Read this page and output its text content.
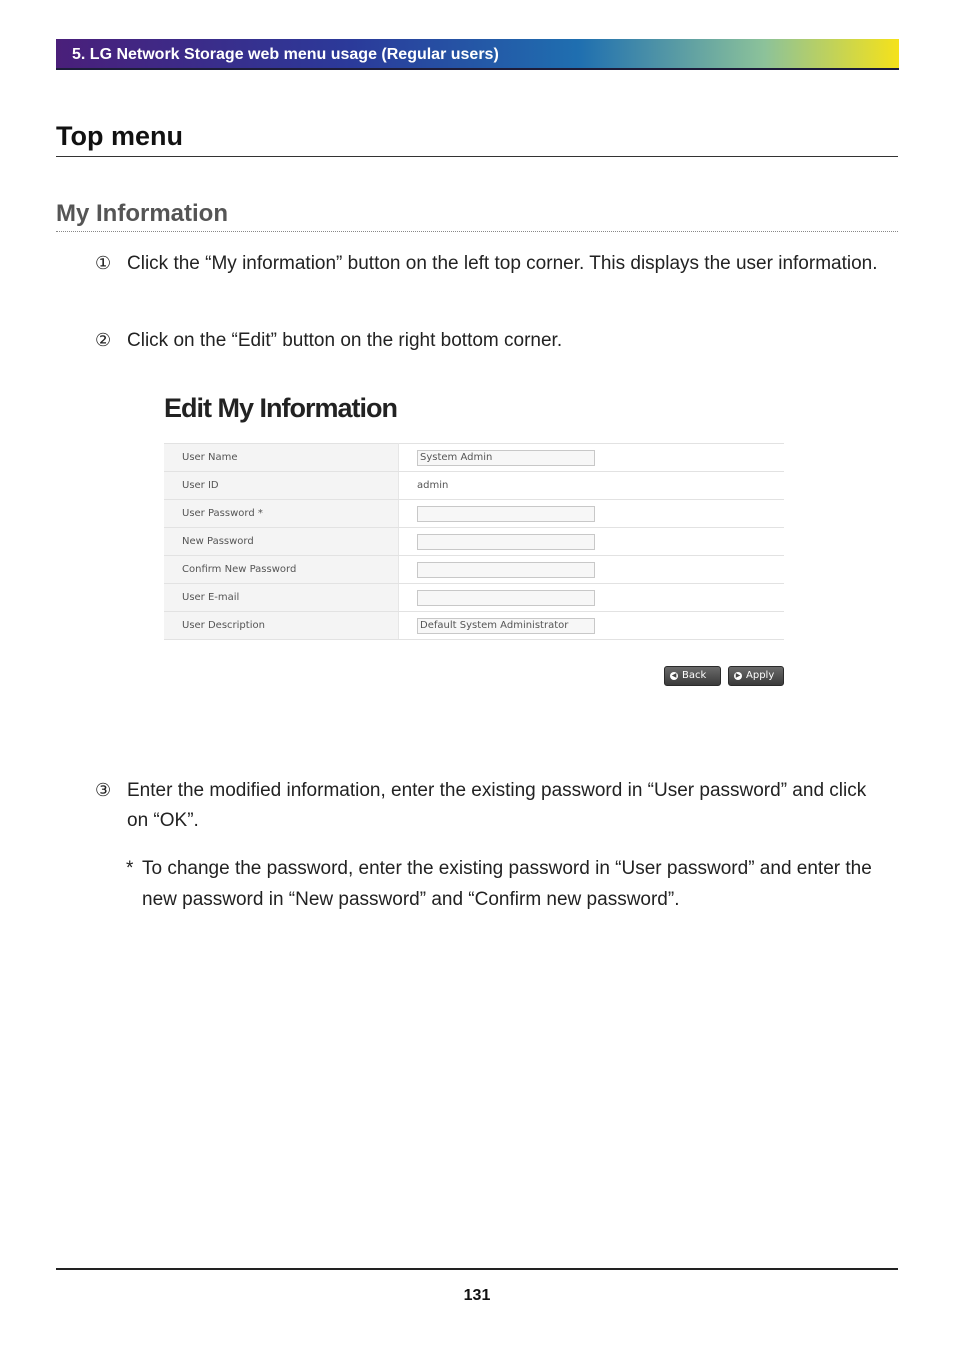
5. LG Network Storage web menu usage (Regular users)
Top menu
My Information
① Click the “My information” button on the left top corner. This displays the user information.
② Click on the “Edit” button on the right bottom corner.
Edit My Information
User Name	System Admin
User ID	admin
User Password *	
New Password	
Confirm New Password	
User E-mail	
User Description	Default System Administrator
◀ Back	▶ Apply
③ Enter the modified information, enter the existing password in “User password” and click on “OK”.
* To change the password, enter the existing password in “User password” and enter the new password in “New password” and “Confirm new password”.
131
